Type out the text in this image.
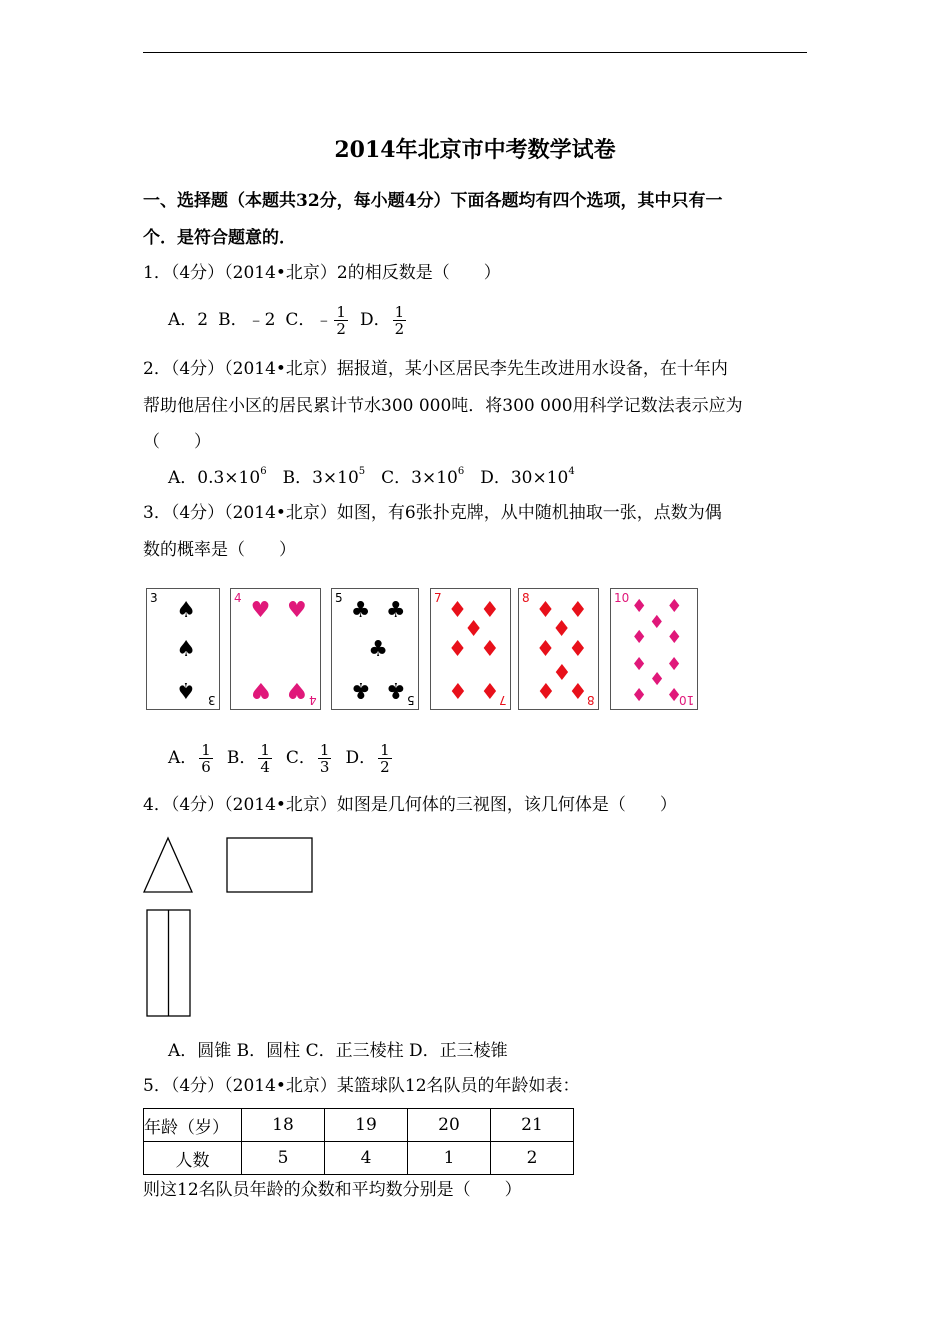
2014年北京市中考数学试卷
一、选择题（本题共32分，每小题4分）下面各题均有四个选项，其中只有一
个．是符合题意的．
1．（4分）（2014•北京）2的相反数是（　　）
A．2 B．﹣2 C．﹣ $\frac{1}{2}$ D． $\frac{1}{2}$
2．（4分）（2014•北京）据报道，某小区居民李先生改进用水设备，在十年内
帮助他居住小区的居民累计节水300 000吨．将300 000用科学记数法表示应为
（　　）
A．$0.3\times 10^6$ B．$3\times 10^5$ C．$3\times 10^6$ D．$30\times 10^4$
3．（4分）（2014•北京）如图，有6张扑克牌，从中随机抽取一张，点数为偶
数的概率是（　　）
3
3
♠
♠
♠
4
4
♥ ♥
♥ ♥
5
5
♣ ♣
♣
♣ ♣
7
7
♦ ♦
♦
♦ ♦
♦ ♦
8
8
♦ ♦
♦
♦ ♦
♦
♦ ♦
10
10
♦ ♦
♦
♦ ♦
♦ ♦
♦
♦ ♦
A． $\frac{1}{6}$ B． $\frac{1}{4}$ C． $\frac{1}{3}$ D． $\frac{1}{2}$
4．（4分）（2014•北京）如图是几何体的三视图，该几何体是（　　）
A．圆锥 B．圆柱 C．正三棱柱 D．正三棱锥
5．（4分）（2014•北京）某篮球队12名队员的年龄如表：
年龄（岁）	18	19	20	21
人数	5	4	1	2
则这12名队员年龄的众数和平均数分别是（　　）
